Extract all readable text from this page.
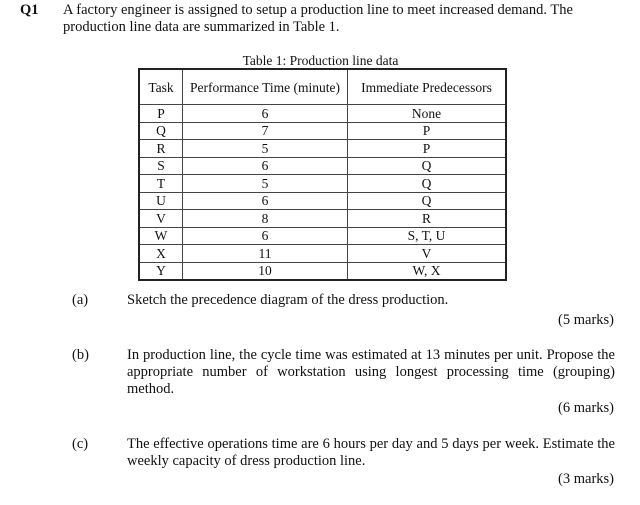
Q1 A factory engineer is assigned to setup a production line to meet increased demand. The production line data are summarized in Table 1.
Table 1: Production line data
Task	Performance Time (minute)	Immediate Predecessors
P	6	None
Q	7	P
R	5	P
S	6	Q
T	5	Q
U	6	Q
V	8	R
W	6	S, T, U
X	11	V
Y	10	W, X
(a)	Sketch the precedence diagram of the dress production.
(5 marks)
(b)	In production line, the cycle time was estimated at 13 minutes per unit. Propose the appropriate number of workstation using longest processing time (grouping) method.
(6 marks)
(c)	The effective operations time are 6 hours per day and 5 days per week. Estimate the weekly capacity of dress production line.
(3 marks)
